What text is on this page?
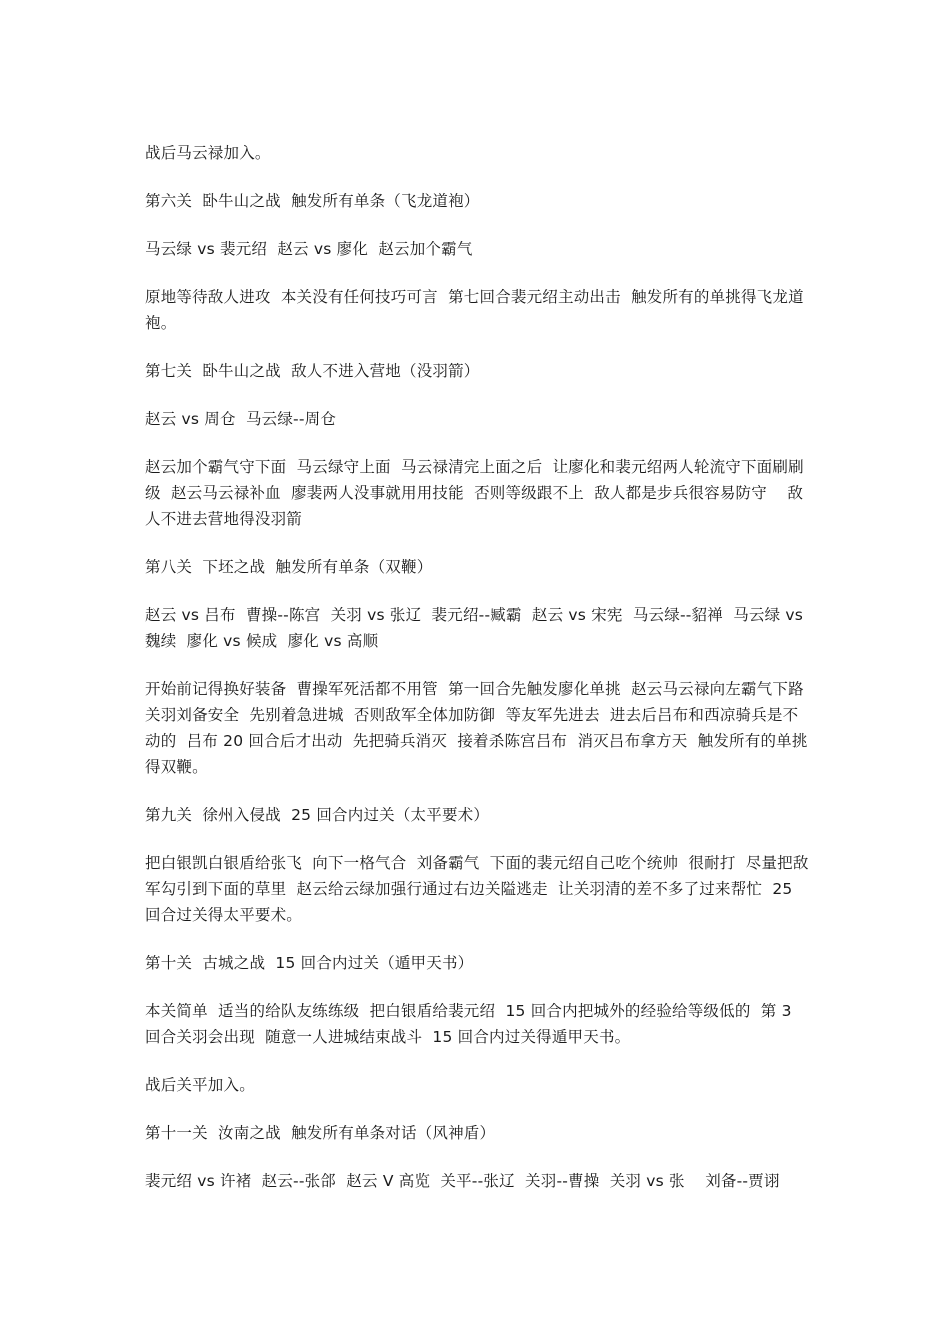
战后马云禄加入。

第六关  卧牛山之战  触发所有单条（飞龙道袍）

马云绿 vs 裴元绍  赵云 vs 廖化  赵云加个霸气

原地等待敌人进攻  本关没有任何技巧可言  第七回合裴元绍主动出击  触发所有的单挑得飞龙道袍。

第七关  卧牛山之战  敌人不进入营地（没羽箭）

赵云 vs 周仓  马云绿--周仓

赵云加个霸气守下面  马云绿守上面  马云禄清完上面之后  让廖化和裴元绍两人轮流守下面刷刷级  赵云马云禄补血  廖裴两人没事就用用技能  否则等级跟不上  敌人都是步兵很容易防守    敌人不进去营地得没羽箭

第八关  下坯之战  触发所有单条（双鞭）

赵云 vs 吕布  曹操--陈宫  关羽 vs 张辽  裴元绍--臧霸  赵云 vs 宋宪  马云绿--貂禅  马云绿 vs 魏续  廖化 vs 候成  廖化 vs 高顺

开始前记得换好装备  曹操军死活都不用管  第一回合先触发廖化单挑  赵云马云禄向左霸气下路关羽刘备安全  先别着急进城  否则敌军全体加防御  等友军先进去  进去后吕布和西凉骑兵是不动的  吕布 20 回合后才出动  先把骑兵消灭  接着杀陈宫吕布  消灭吕布拿方天  触发所有的单挑得双鞭。

第九关  徐州入侵战  25 回合内过关（太平要术）

把白银凯白银盾给张飞  向下一格气合  刘备霸气  下面的裴元绍自己吃个统帅  很耐打  尽量把敌军勾引到下面的草里  赵云给云绿加强行通过右边关隘逃走  让关羽清的差不多了过来帮忙  25 回合过关得太平要术。

第十关  古城之战  15 回合内过关（遁甲天书）

本关简单  适当的给队友练练级  把白银盾给裴元绍  15 回合内把城外的经验给等级低的  第 3 回合关羽会出现  随意一人进城结束战斗  15 回合内过关得遁甲天书。

战后关平加入。

第十一关  汝南之战  触发所有单条对话（风神盾）

裴元绍 vs 许褚  赵云--张郃  赵云 V 高览  关平--张辽  关羽--曹操  关羽 vs 张    刘备--贾诩
